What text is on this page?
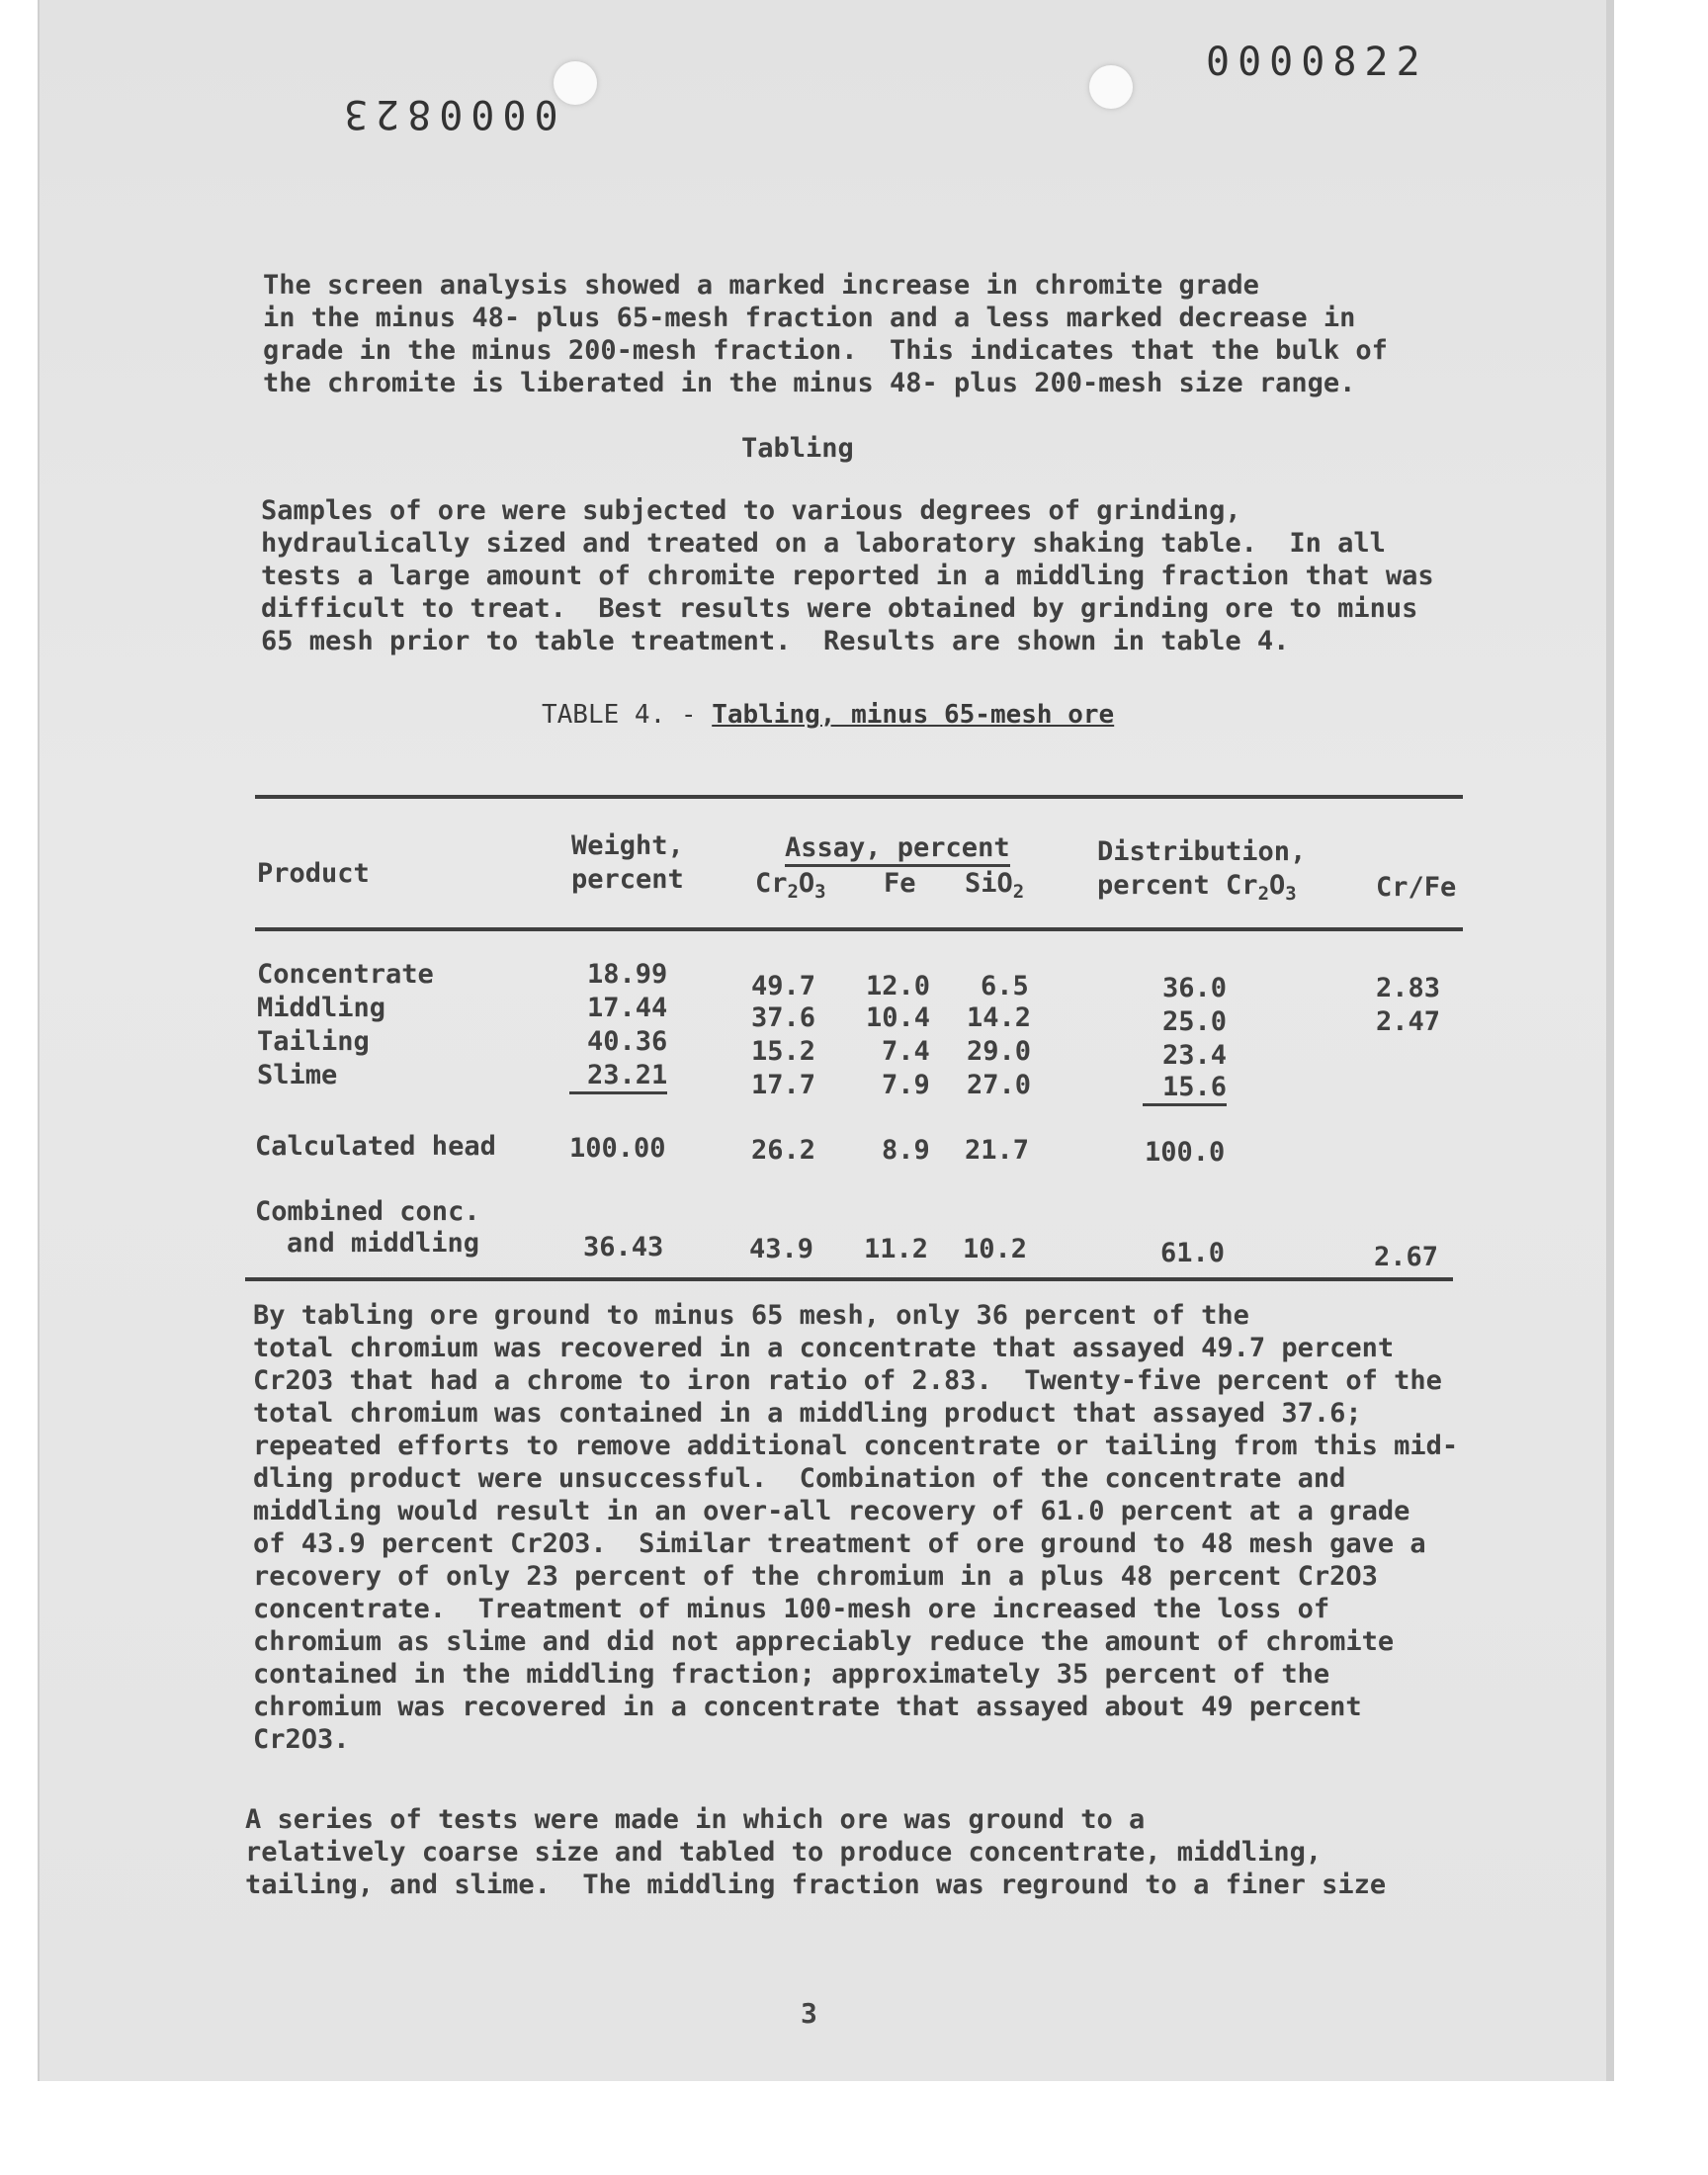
0000822
0000823

The screen analysis showed a marked increase in chromite grade
in the minus 48- plus 65-mesh fraction and a less marked decrease in
grade in the minus 200-mesh fraction.  This indicates that the bulk of
the chromite is liberated in the minus 48- plus 200-mesh size range.

Tabling

Samples of ore were subjected to various degrees of grinding,
hydraulically sized and treated on a laboratory shaking table.  In all
tests a large amount of chromite reported in a middling fraction that was
difficult to treat.  Best results were obtained by grinding ore to minus
65 mesh prior to table treatment.  Results are shown in table 4.

TABLE 4. - Tabling, minus 65-mesh ore
Product
Weight,
percent
Assay, percent
$Cr_2O_3$ Fe SiO$_2$
Distribution,
percent $Cr_2O_3$	Cr/Fe
Concentrate	18.99	49.7 12.0 6.5	36.0	2.83
Middling	17.44	37.6 10.4 14.2	25.0	2.47
Tailing	40.36	15.2 7.4 29.0	23.4
Slime	23.21	17.7 7.9 27.0	15.6
Calculated head	100.00	26.2 8.9 21.7	100.0
Combined conc.
and middling	36.43	43.9 11.2 10.2	61.0	2.67

By tabling ore ground to minus 65 mesh, only 36 percent of the
total chromium was recovered in a concentrate that assayed 49.7 percent
Cr2O3 that had a chrome to iron ratio of 2.83.  Twenty-five percent of the
total chromium was contained in a middling product that assayed 37.6;
repeated efforts to remove additional concentrate or tailing from this mid-
dling product were unsuccessful.  Combination of the concentrate and
middling would result in an over-all recovery of 61.0 percent at a grade
of 43.9 percent Cr2O3.  Similar treatment of ore ground to 48 mesh gave a
recovery of only 23 percent of the chromium in a plus 48 percent Cr2O3
concentrate.  Treatment of minus 100-mesh ore increased the loss of
chromium as slime and did not appreciably reduce the amount of chromite
contained in the middling fraction; approximately 35 percent of the
chromium was recovered in a concentrate that assayed about 49 percent
Cr2O3.

A series of tests were made in which ore was ground to a
relatively coarse size and tabled to produce concentrate, middling,
tailing, and slime.  The middling fraction was reground to a finer size

3
